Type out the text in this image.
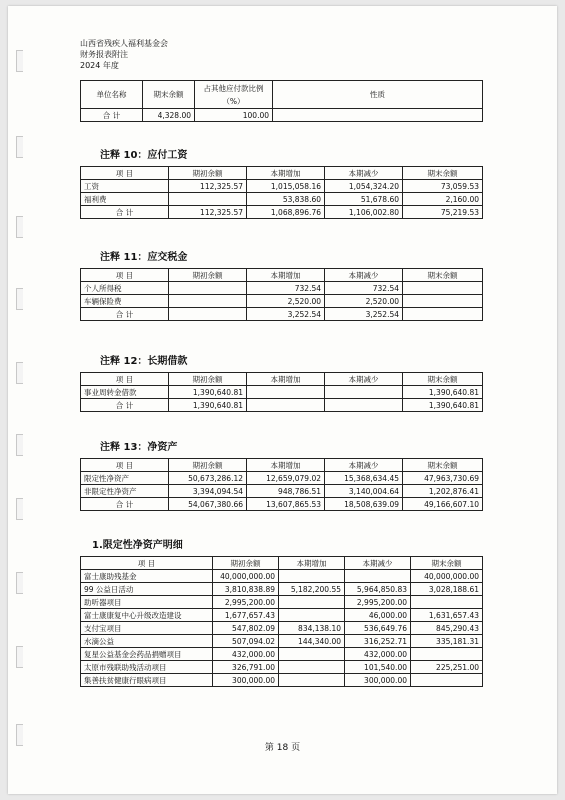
山西省残疾人福利基金会
财务报表附注
2024 年度
单位名称	期末余额	占其他应付款比例（%）	性质
合 计	4,328.00	100.00	
注释 10：应付工资
项 目	期初余额	本期增加	本期减少	期末余额
工资	112,325.57	1,015,058.16	1,054,324.20	73,059.53
福利费		53,838.60	51,678.60	2,160.00
合 计	112,325.57	1,068,896.76	1,106,002.80	75,219.53
注释 11：应交税金
项 目	期初余额	本期增加	本期减少	期末余额
个人所得税		732.54	732.54	
车辆保险费		2,520.00	2,520.00	
合 计		3,252.54	3,252.54	
注释 12：长期借款
项 目	期初余额	本期增加	本期减少	期末余额
事业周转金借款	1,390,640.81			1,390,640.81
合 计	1,390,640.81			1,390,640.81
注释 13：净资产
项 目	期初余额	本期增加	本期减少	期末余额
限定性净资产	50,673,286.12	12,659,079.02	15,368,634.45	47,963,730.69
非限定性净资产	3,394,094.54	948,786.51	3,140,004.64	1,202,876.41
合 计	54,067,380.66	13,607,865.53	18,508,639.09	49,166,607.10
1.限定性净资产明细
项 目	期初余额	本期增加	本期减少	期末余额
富士康助残基金	40,000,000.00			40,000,000.00
99 公益日活动	3,810,838.89	5,182,200.55	5,964,850.83	3,028,188.61
助听器项目	2,995,200.00		2,995,200.00	
富士康康复中心升级改造建设	1,677,657.43		46,000.00	1,631,657.43
支付宝项目	547,802.09	834,138.10	536,649.76	845,290.43
水滴公益	507,094.02	144,340.00	316,252.71	335,181.31
复星公益基金会药品捐赠项目	432,000.00		432,000.00	
太原市残联助残活动项目	326,791.00		101,540.00	225,251.00
集善扶贫健康行眼病项目	300,000.00		300,000.00	
第 18 页
